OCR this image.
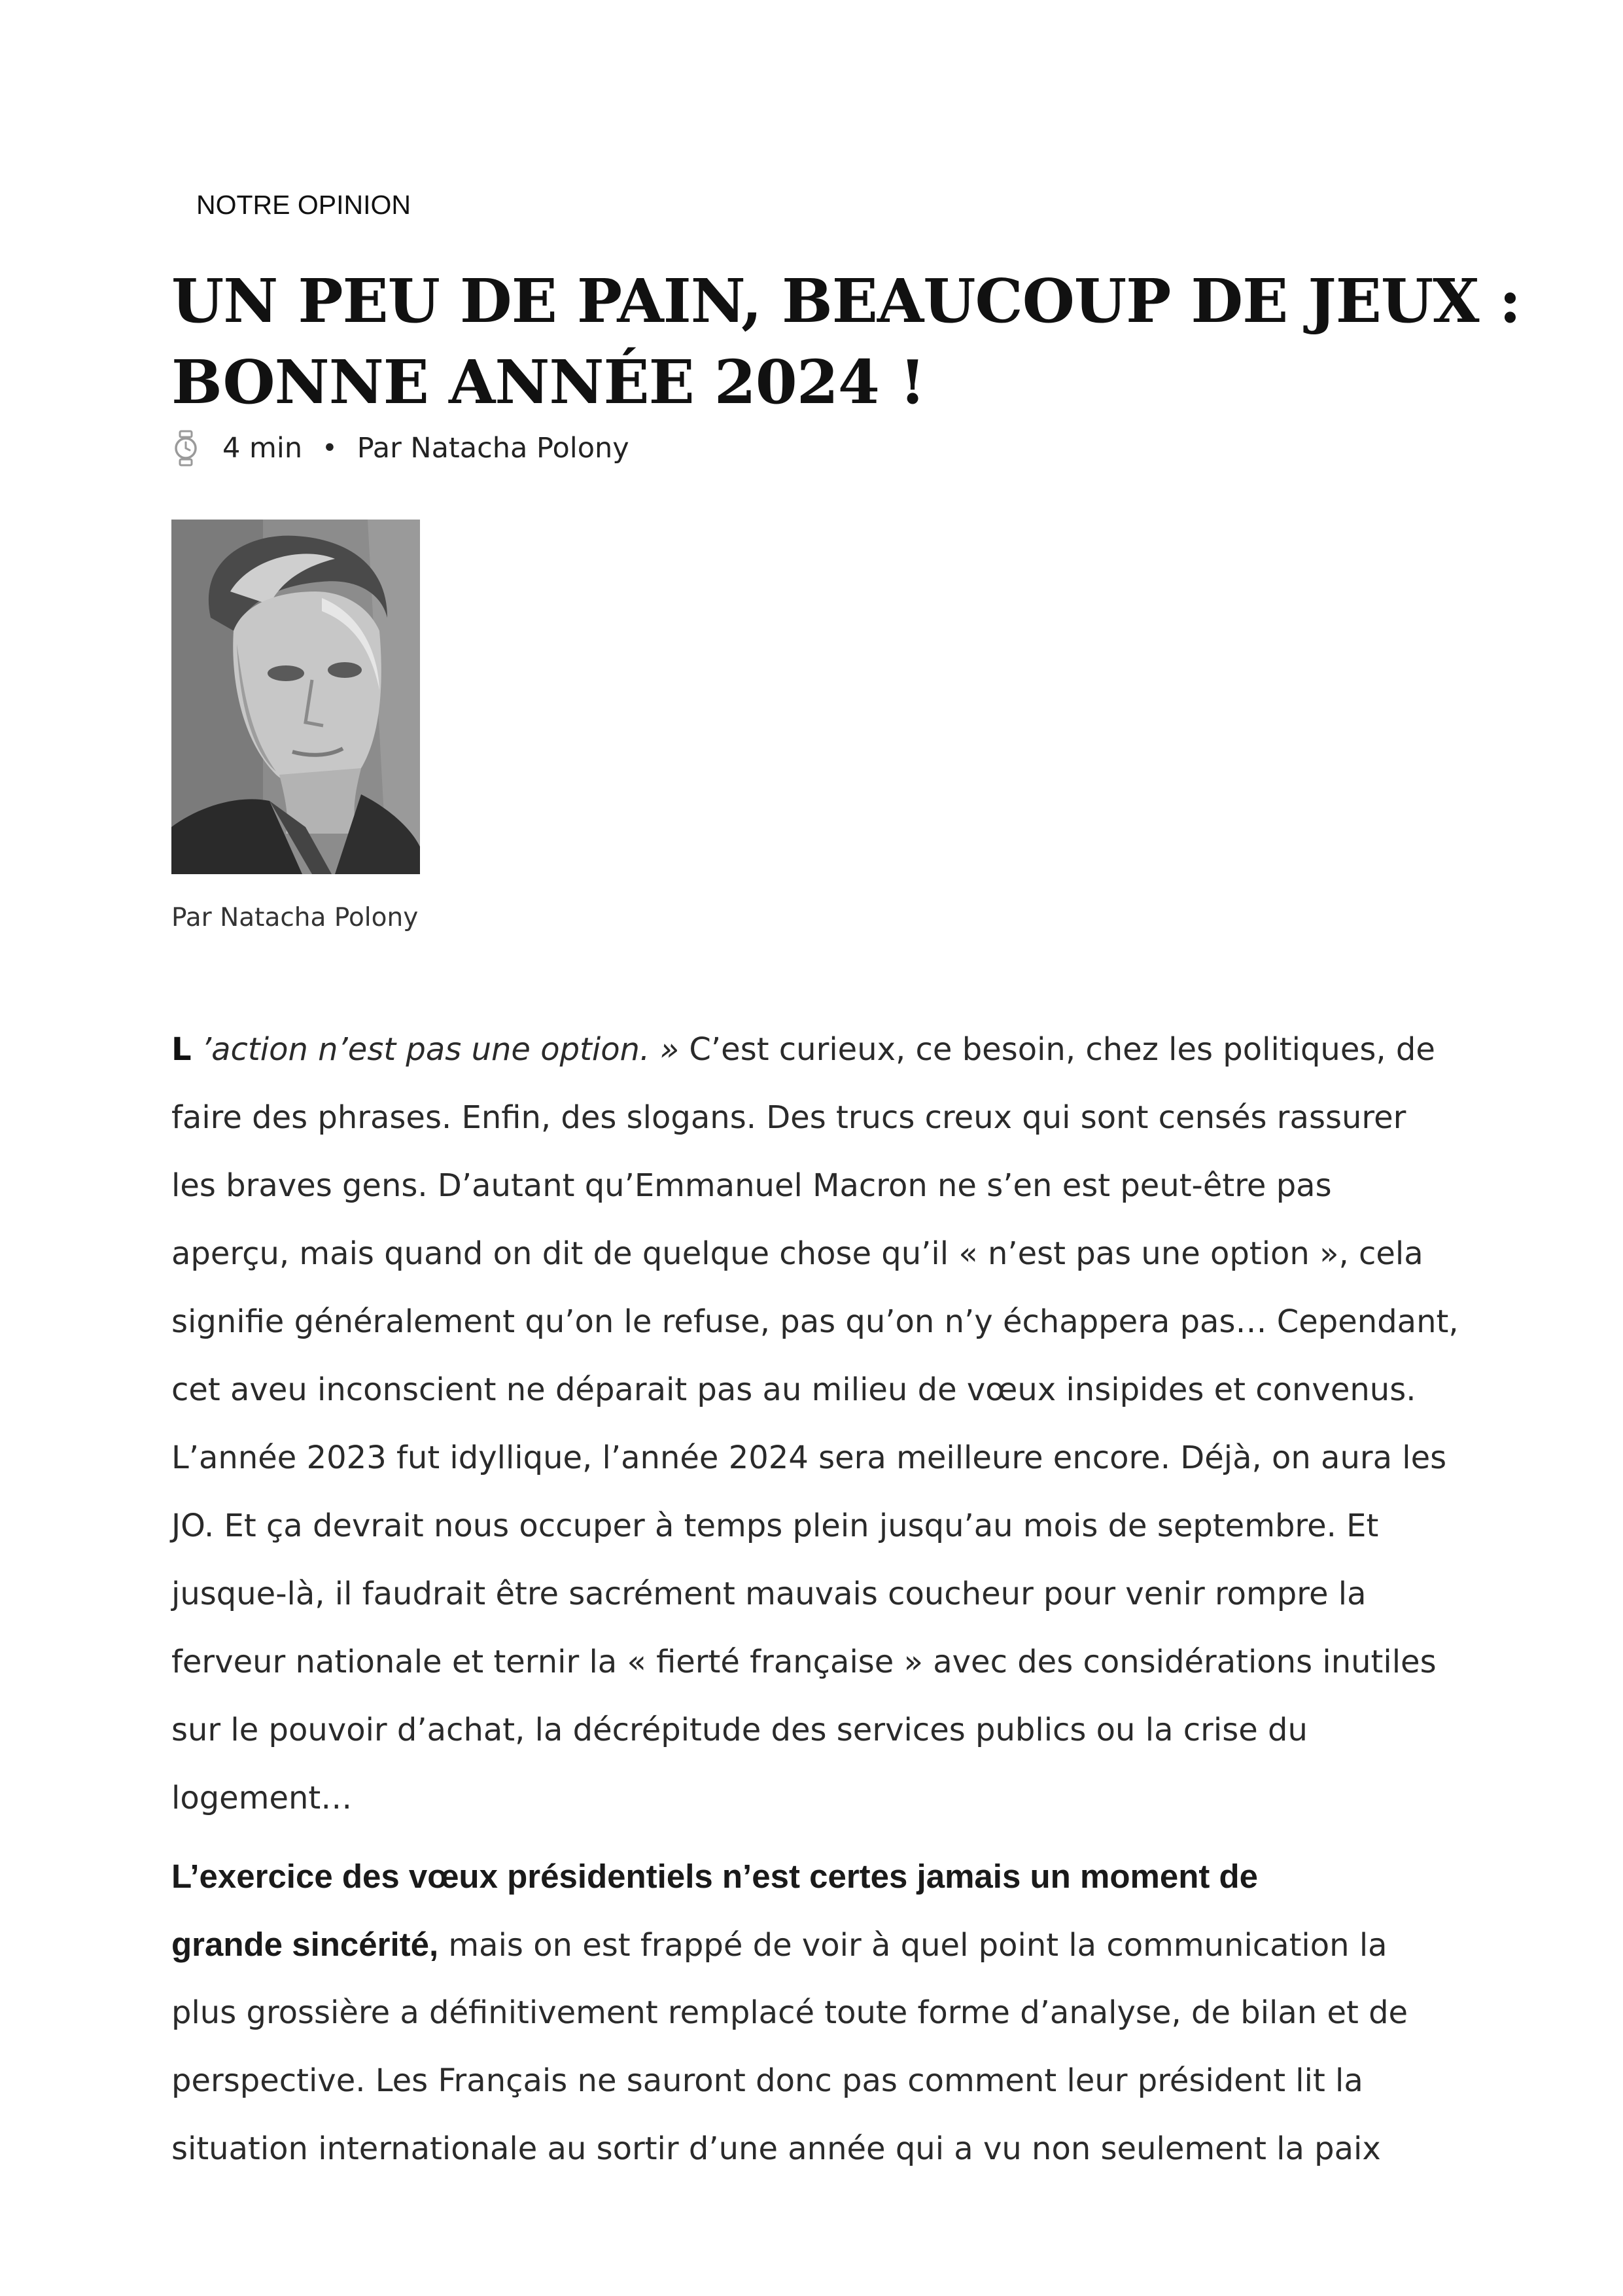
NOTRE OPINION
UN PEU DE PAIN, BEAUCOUP DE JEUX :
BONNE ANNÉE 2024 !
4 min • Par Natacha Polony
Par Natacha Polony
L ’action n’est pas une option. » C’est curieux, ce besoin, chez les politiques, de
faire des phrases. Enfin, des slogans. Des trucs creux qui sont censés rassurer
les braves gens. D’autant qu’Emmanuel Macron ne s’en est peut-être pas
aperçu, mais quand on dit de quelque chose qu’il « n’est pas une option », cela
signifie généralement qu’on le refuse, pas qu’on n’y échappera pas… Cependant,
cet aveu inconscient ne déparait pas au milieu de vœux insipides et convenus.
L’année 2023 fut idyllique, l’année 2024 sera meilleure encore. Déjà, on aura les
JO. Et ça devrait nous occuper à temps plein jusqu’au mois de septembre. Et
jusque-là, il faudrait être sacrément mauvais coucheur pour venir rompre la
ferveur nationale et ternir la « fierté française » avec des considérations inutiles
sur le pouvoir d’achat, la décrépitude des services publics ou la crise du
logement…
L’exercice des vœux présidentiels n’est certes jamais un moment de
grande sincérité, mais on est frappé de voir à quel point la communication la
plus grossière a définitivement remplacé toute forme d’analyse, de bilan et de
perspective. Les Français ne sauront donc pas comment leur président lit la
situation internationale au sortir d’une année qui a vu non seulement la paix
